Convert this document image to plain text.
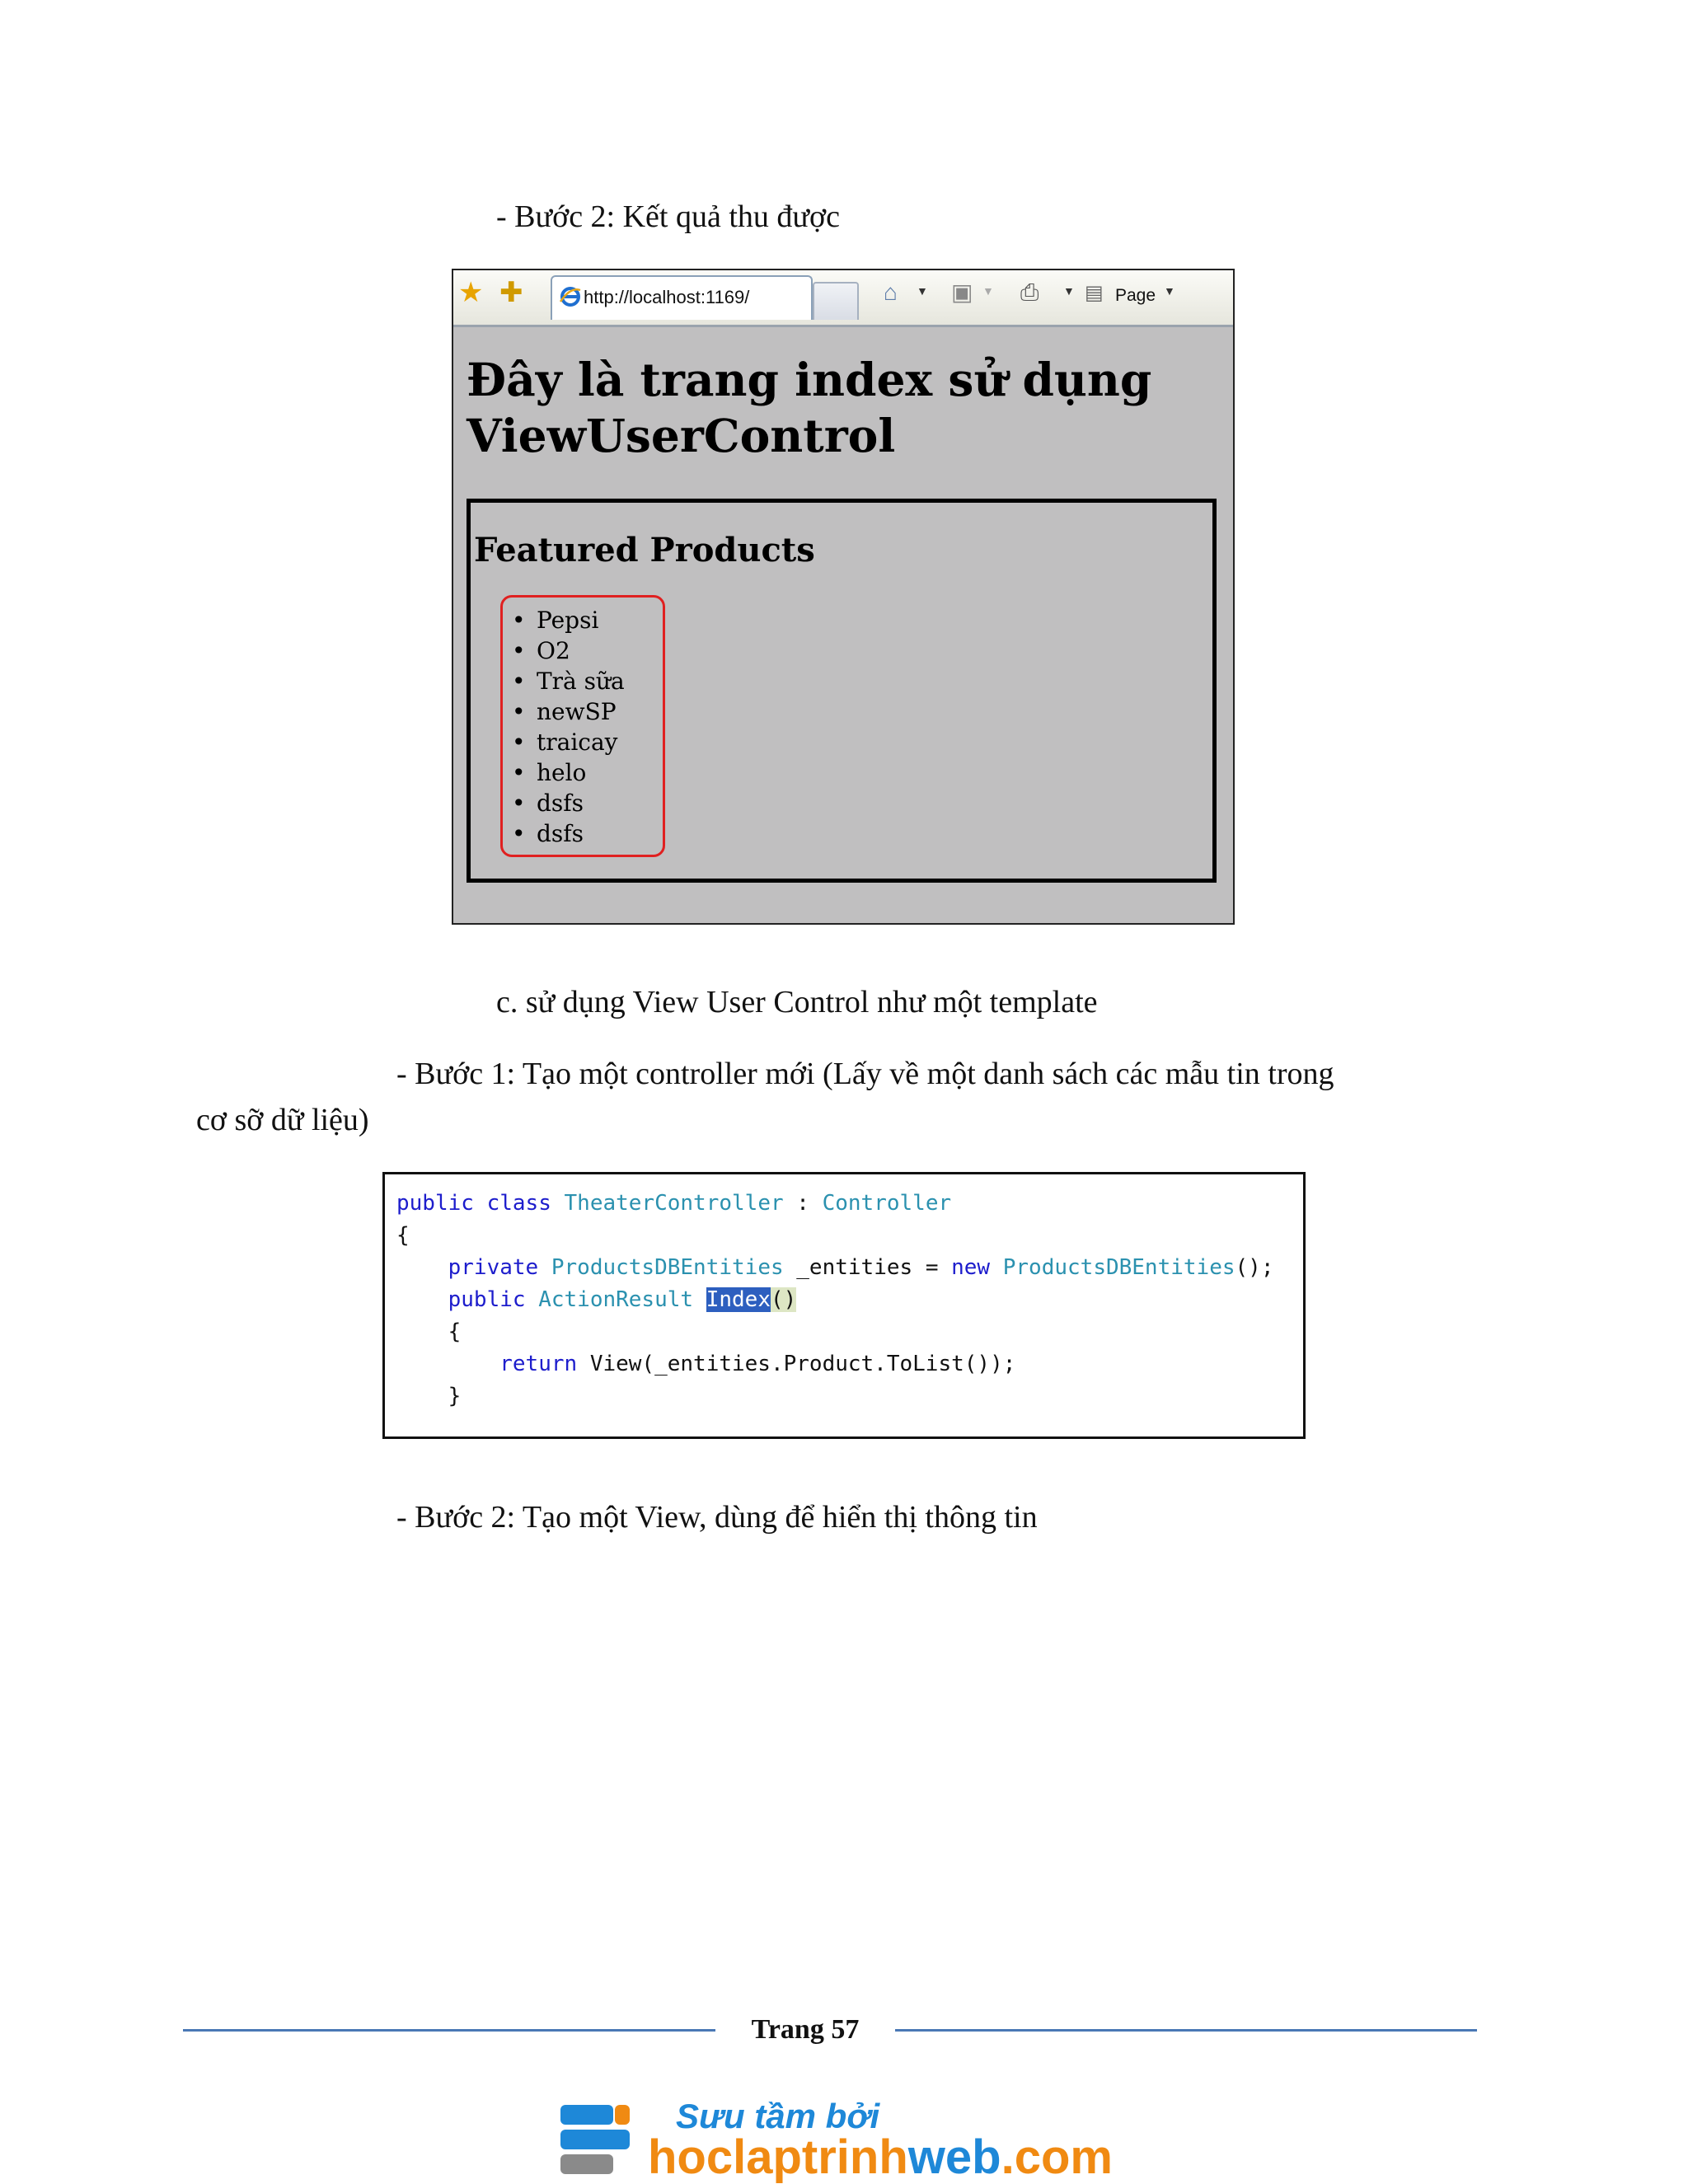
- Bước 2: Kết quả thu được
★ ✚	http://localhost:1169/	⌂ ▼ ▣ ▼ ⎙ ▼ ▤ Page ▼
Đây là trang index sử dụng ViewUserControl
Featured Products
• Pepsi
• O2
• Trà sữa
• newSP
• traicay
• helo
• dsfs
• dsfs
c. sử dụng View User Control như một template
- Bước 1: Tạo một controller mới (Lấy về một danh sách các mẫu tin trong
cơ sỡ dữ liệu)
public class TheaterController : Controller
{
private ProductsDBEntities _entities = new ProductsDBEntities();
public ActionResult Index()
{
return View(_entities.Product.ToList());
}
- Bước 2: Tạo một View, dùng để hiển thị thông tin
Trang 57

Sưu tầm bởi

hoclaptrinhweb.com
